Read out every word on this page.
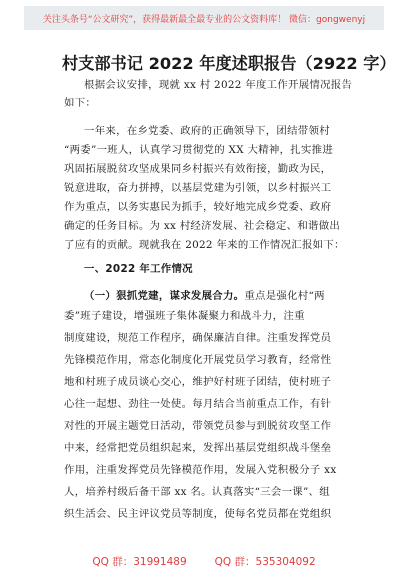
关注头条号“公文研究”，获得最新最全最专业的公文资料库！ 微信：gongwenyj
村支部书记 2022 年度述职报告（2922 字）
根据会议安排，现就 xx 村 2022 年度工作开展情况报告
如下：
一年来，在乡党委、政府的正确领导下，团结带领村
“两委”一班人，认真学习贯彻党的 XX 大精神，扎实推进
巩固拓展脱贫攻坚成果同乡村振兴有效衔接，勤政为民，
锐意进取，奋力拼搏，以基层党建为引领，以乡村振兴工
作为重点，以务实惠民为抓手，较好地完成乡党委、政府
确定的任务目标。为 xx 村经济发展、社会稳定、和谐做出
了应有的贡献。现就我在 2022 年来的工作情况汇报如下：
一、2022 年工作情况
（一）狠抓党建，谋求发展合力。重点是强化村“两
委”班子建设，增强班子集体凝聚力和战斗力，注重
制度建设，规范工作程序，确保廉洁自律。注重发挥党员
先锋模范作用，常态化制度化开展党员学习教育，经常性
地和村班子成员谈心交心，维护好村班子团结，使村班子
心往一起想、劲往一处使。每月结合当前重点工作，有针
对性的开展主题党日活动，带领党员参与到脱贫攻坚工作
中来，经常把党员组织起来，发挥出基层党组织战斗堡垒
作用，注重发挥党员先锋模范作用，发展入党积极分子 xx
人，培养村级后备干部 xx 名。认真落实“三会一课”、组
织生活会、民主评议党员等制度，使每名党员都在党组织
QQ 群：31991489	QQ 群：535304092
